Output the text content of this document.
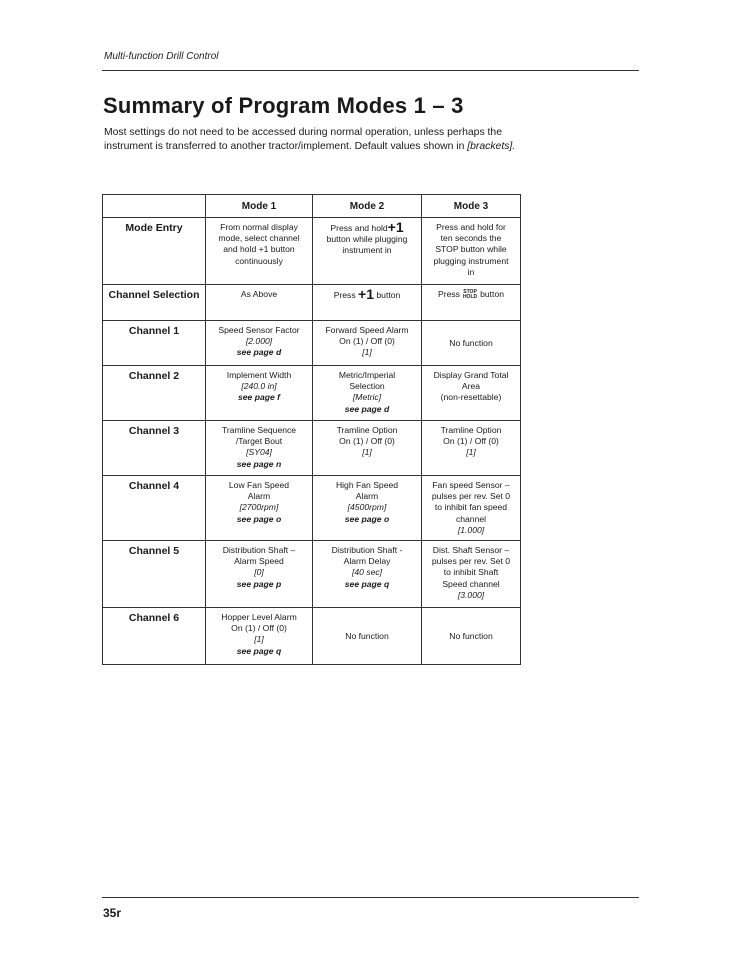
Multi-function Drill Control
Summary of Program Modes 1 – 3

Most settings do not need to be accessed during normal operation, unless perhaps the instrument is transferred to another tractor/implement. Default values shown in [brackets].

	Mode 1	Mode 2	Mode 3
Mode Entry	From normal display
mode, select channel
and hold +1 button
continuously	Press and hold+1
button while plugging
instrument in	Press and hold for
ten seconds the
STOP button while
plugging instrument
in

Channel Selection	As Above	Press +1 button	Press STOP
HOLD button

Channel 1	Speed Sensor Factor
[2.000]
see page d	Forward Speed Alarm
On (1) / Off (0)
[1]	No function

Channel 2	Implement Width
[240.0 in]
see page f	Metric/Imperial
Selection
[Metric]
see page d	Display Grand Total
Area
(non-resettable)

Channel 3	Tramline Sequence
/Target Bout
[SY04]
see page n	Tramline Option
On (1) / Off (0)
[1]	Tramline Option
On (1) / Off (0)
[1]

Channel 4	Low Fan Speed
Alarm
[2700rpm]
see page o	High Fan Speed
Alarm
[4500rpm]
see page o	Fan speed Sensor –
pulses per rev. Set 0
to inhibit fan speed
channel
[1.000]

Channel 5	Distribution Shaft –
Alarm Speed
[0]
see page p	Distribution Shaft -
Alarm Delay
[40 sec]
see page q	Dist. Shaft Sensor –
pulses per rev. Set 0
to inhibit Shaft
Speed channel
[3.000]

Channel 6	Hopper Level Alarm
On (1) / Off (0)
[1]
see page q	No function	No function
35r
